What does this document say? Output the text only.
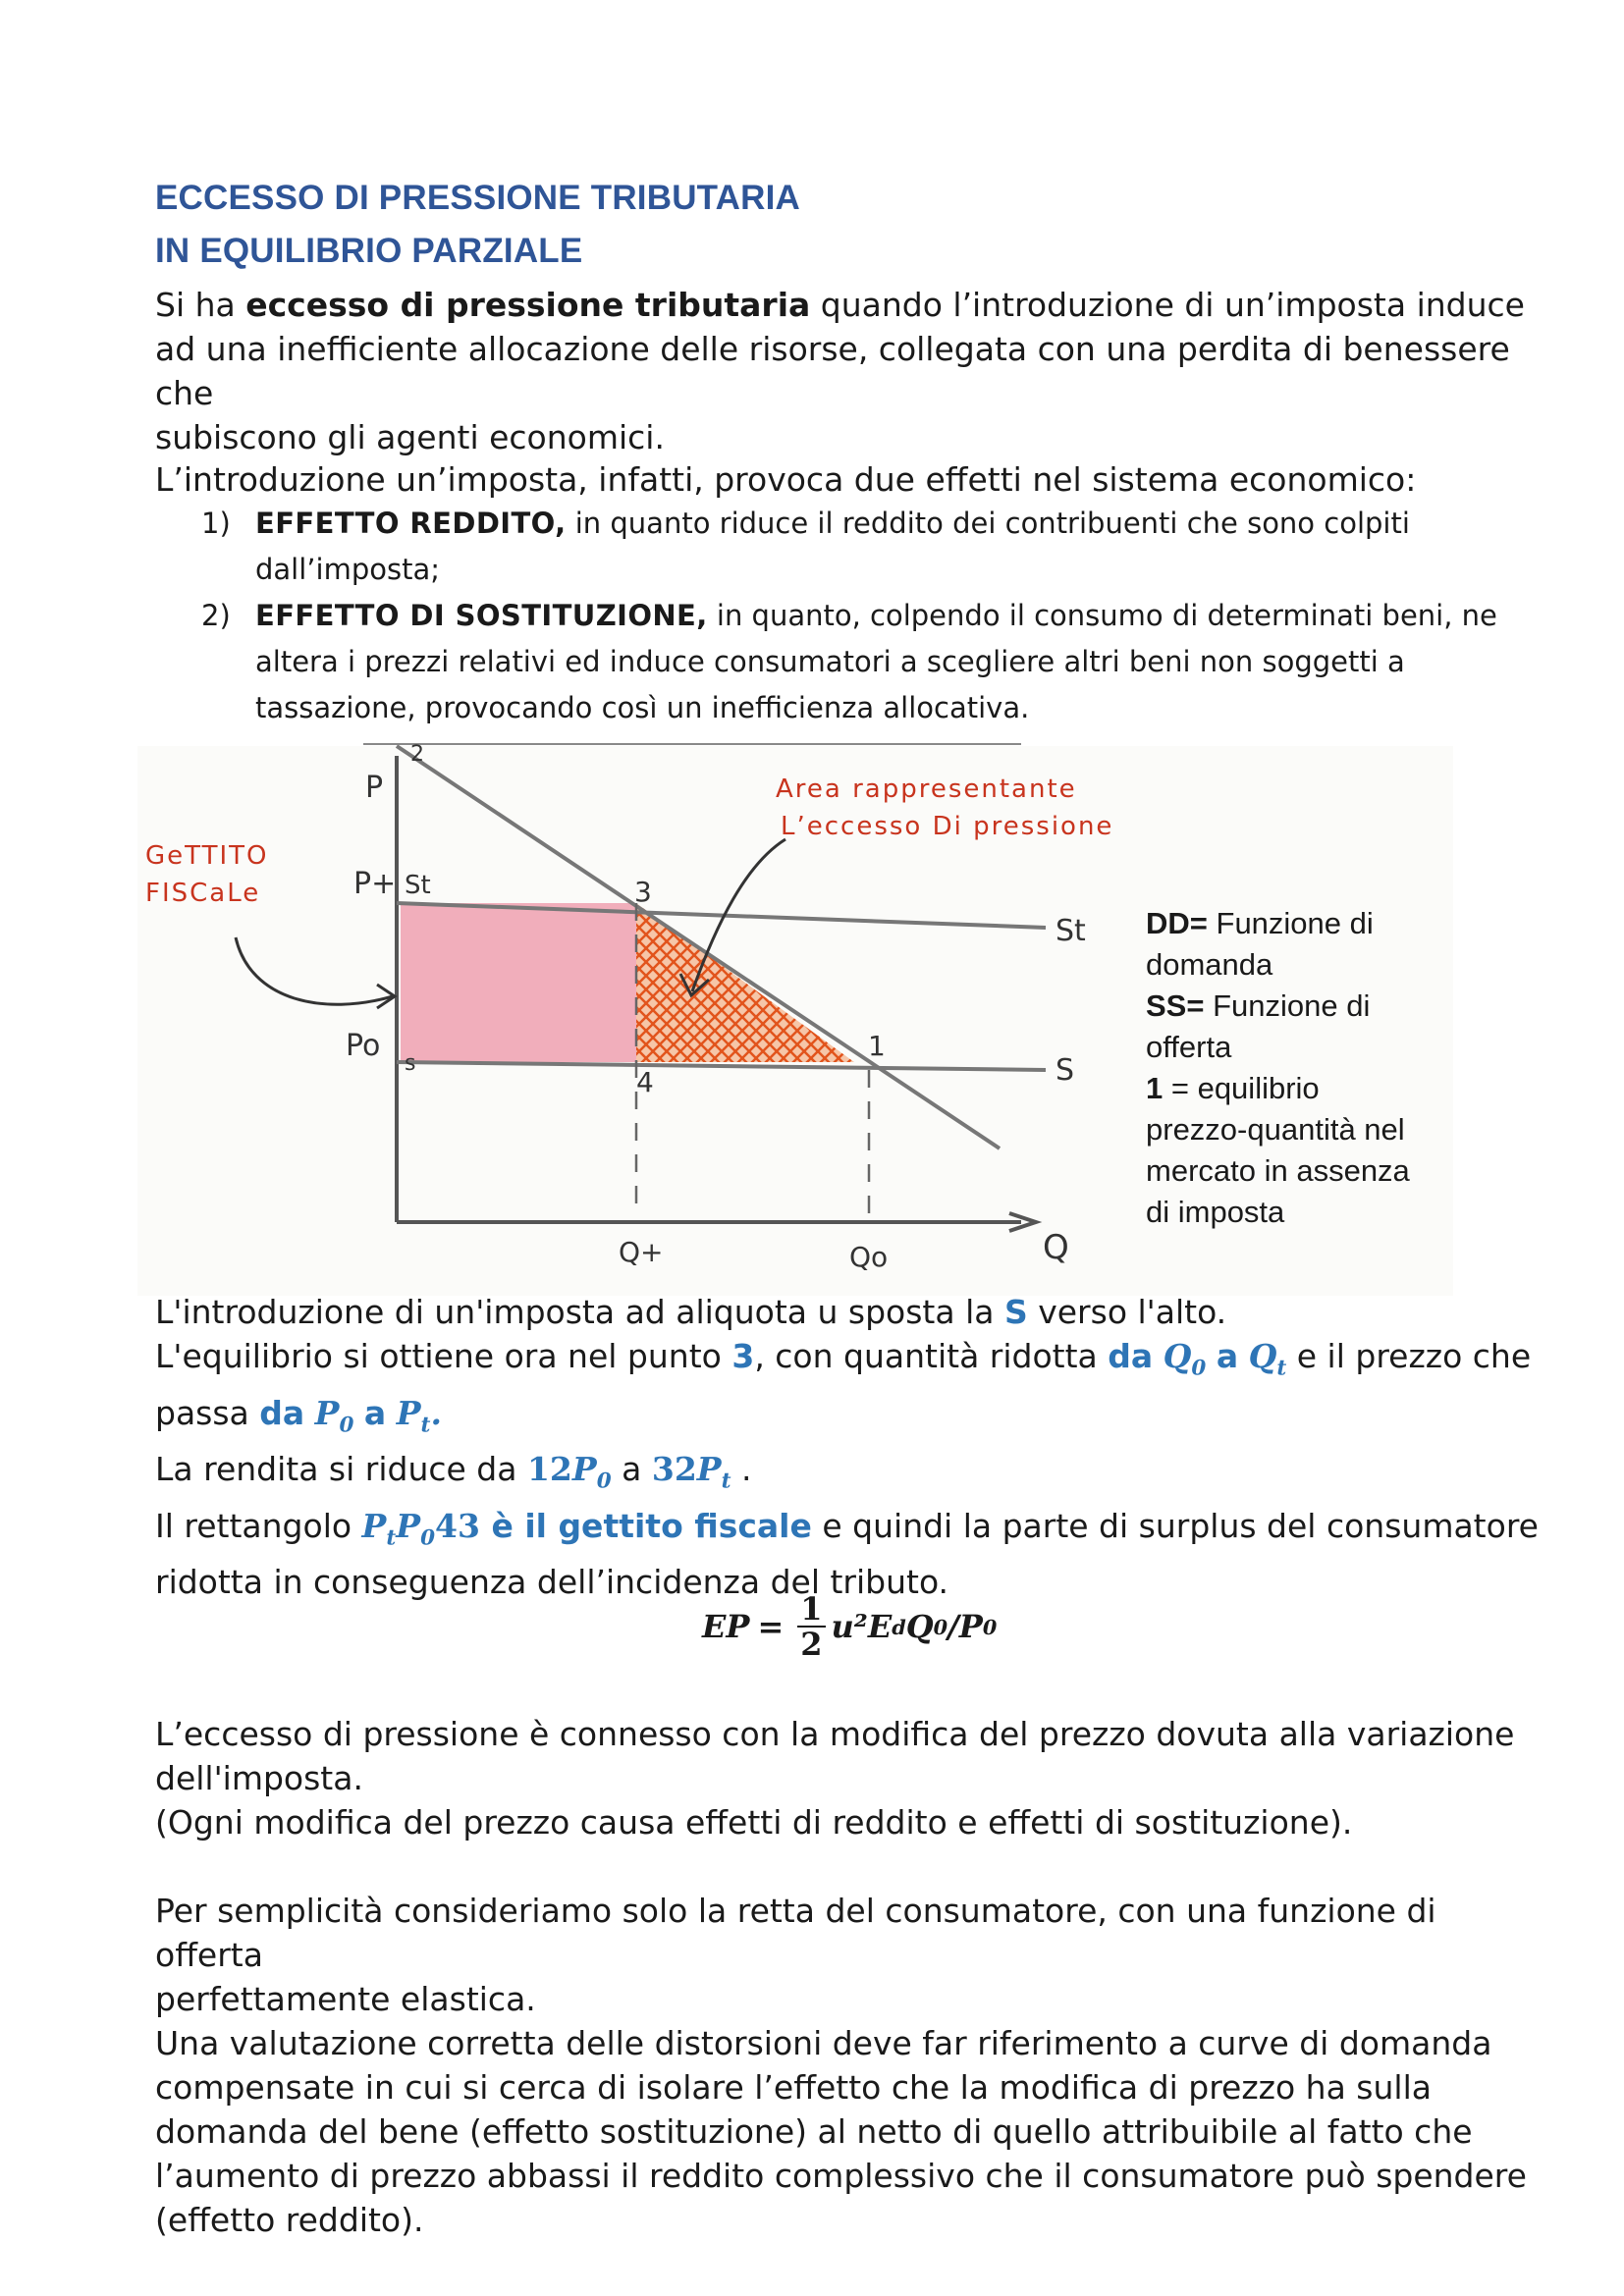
ECCESSO DI PRESSIONE TRIBUTARIA
IN EQUILIBRIO PARZIALE
Si ha eccesso di pressione tributaria quando l’introduzione di un’imposta induce
ad una inefficiente allocazione delle risorse, collegata con una perdita di benessere che
subiscono gli agenti economici.
L’introduzione un’imposta, infatti, provoca due effetti nel sistema economico:
1) EFFETTO REDDITO, in quanto riduce il reddito dei contribuenti che sono colpiti
dall’imposta;
2) EFFETTO DI SOSTITUZIONE, in quanto, colpendo il consumo di determinati beni, ne
altera i prezzi relativi ed induce consumatori a scegliere altri beni non soggetti a
tassazione, provocando così un inefficienza allocativa.
P
2
P+ St
Po
s
3
1
4
St
S
Q+	Qo	Q
GeTTITO
FISCaLe
Area rappresentante
L’eccesso Di pressione
DD= Funzione di
domanda
SS= Funzione di
offerta
1 = equilibrio
prezzo-quantità nel
mercato in assenza
di imposta
L'introduzione di un'imposta ad aliquota u sposta la S verso l'alto.
L'equilibrio si ottiene ora nel punto 3, con quantità ridotta da $Q_0$ a $Q_t$ e il prezzo che
passa da $P_0$ a $P_t$.
La rendita si riduce da $12P_0$ a $32P_t$ .
Il rettangolo $P_tP_043$ è il gettito fiscale e quindi la parte di surplus del consumatore
ridotta in conseguenza dell’incidenza del tributo.
EP = $\frac{1}{2} u^2E$ d Q 0 /P 0
L’eccesso di pressione è connesso con la modifica del prezzo dovuta alla variazione
dell'imposta.
(Ogni modifica del prezzo causa effetti di reddito e effetti di sostituzione).
Per semplicità consideriamo solo la retta del consumatore, con una funzione di offerta
perfettamente elastica.
Una valutazione corretta delle distorsioni deve far riferimento a curve di domanda
compensate in cui si cerca di isolare l’effetto che la modifica di prezzo ha sulla
domanda del bene (effetto sostituzione) al netto di quello attribuibile al fatto che
l’aumento di prezzo abbassi il reddito complessivo che il consumatore può spendere
(effetto reddito).
